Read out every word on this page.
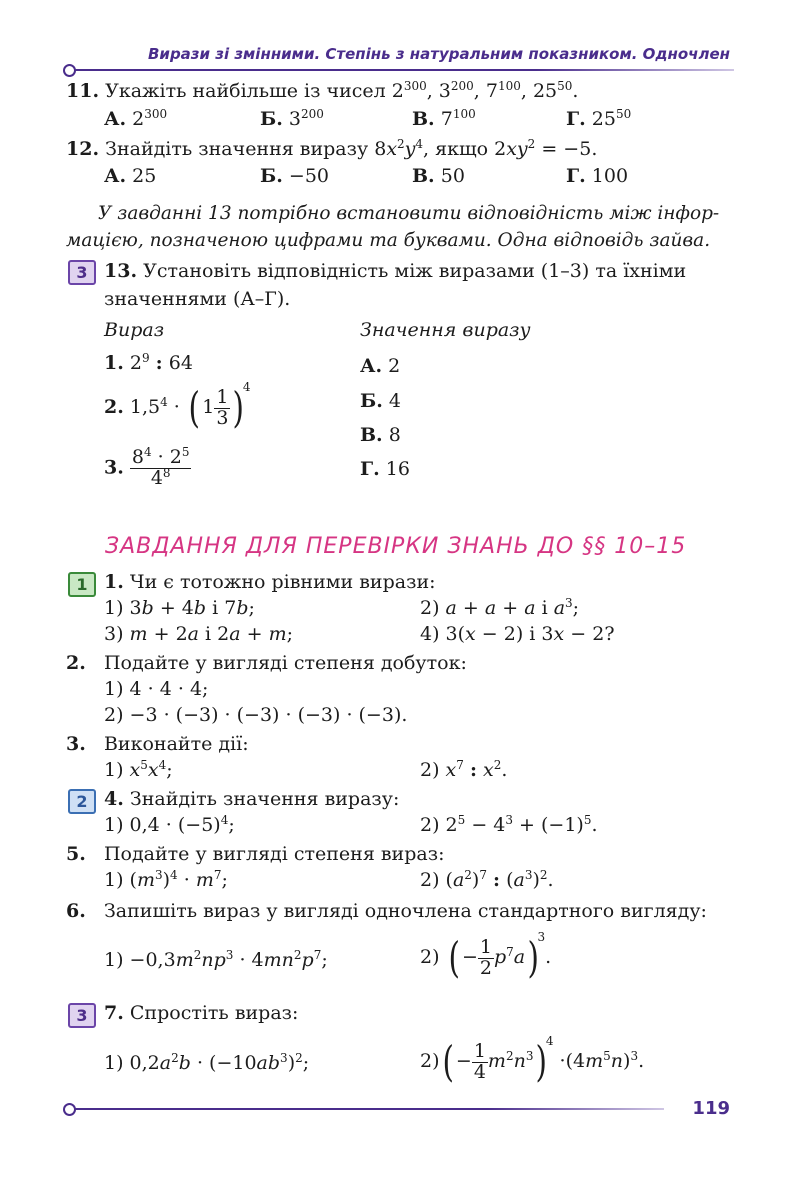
Вирази зі змінними. Степінь з натуральним показником. Одночлен
11. Укажіть найбільше із чисел $2^{300}$, $3^{200}$, $7^{100}$, $25^{50}$.
А. $2^{300}$	Б. $3^{200}$	В. $7^{100}$	Г. $25^{50}$
12. Знайдіть значення виразу $8x^2y^4$, якщо $2xy^2 = -5$.
А. 25	Б. −50	В. 50	Г. 100
У завданні 13 потрібно встановити відповідність між інфор-
мацією, позначеною цифрами та буквами. Одна відповідь зайва.
3 13. Установіть відповідність між виразами (1–3) та їхніми
значеннями (А–Г).
Вираз	Значення виразу
1. $2^9$ : 64
2. $1,5^4$ · ( $1 \frac{1}{3} )4$
3. $\frac{8^4 \cdot 2^5}{4^8}$
А. 2
Б. 4
В. 8
Г. 16
ЗАВДАННЯ ДЛЯ ПЕРЕВІРКИ ЗНАНЬ ДО §§ 10–15
1 1. Чи є тотожно рівними вирази:
1) 3b + 4b і 7b;	2) a + a + a і $a^3$;
3) m + 2a і 2a + m;	4) 3(x − 2) і 3x − 2?
2. Подайте у вигляді степеня добуток:
1) 4 · 4 · 4;
2) −3 · (−3) · (−3) · (−3) · (−3).
3. Виконайте дії:
1) $x^5x^4$;	2) $x^7$ : $x^2$.
2 4. Знайдіть значення виразу:
1) $0,4 \cdot (-5)^4$;	2) $2^5 - 4^3 + (-1)^5$.
5. Подайте у вигляді степеня вираз:
1) $(m^3)^4 \cdot m^7$;	2) $(a^2)^7$ : $(a^3)^2$.
6. Запишіть вираз у вигляді одночлена стандартного вигляду:
$1) -0,3m^2np^3 \cdot 4mn^2p^7$;	2) ( − $\frac{1}{2} p^7a)3$.
3 7. Спростіть вираз:
1) $0,2a^2b \cdot (-10ab^3)^2$;	$2)( - \frac{1}{4} m^2n^3)4 \cdot(4m^5n)^3$.
119
